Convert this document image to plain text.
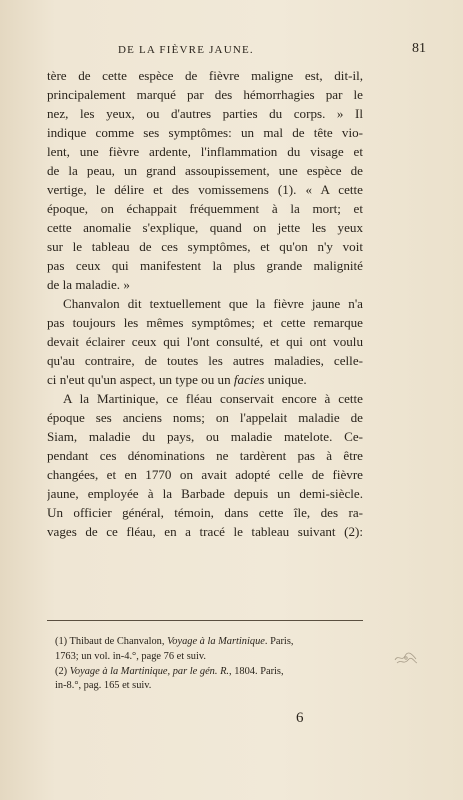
DE LA FIÈVRE JAUNE.	81
tère de cette espèce de fièvre maligne est, dit-il,
principalement marqué par des hémorrhagies par le
nez, les yeux, ou d'autres parties du corps. » Il
indique comme ses symptômes: un mal de tête vio-
lent, une fièvre ardente, l'inflammation du visage et
de la peau, un grand assoupissement, une espèce de
vertige, le délire et des vomissemens (1). « A cette
époque, on échappait fréquemment à la mort; et
cette anomalie s'explique, quand on jette les yeux
sur le tableau de ces symptômes, et qu'on n'y voit
pas ceux qui manifestent la plus grande malignité
de la maladie. »
Chanvalon dit textuellement que la fièvre jaune n'a
pas toujours les mêmes symptômes; et cette remarque
devait éclairer ceux qui l'ont consulté, et qui ont voulu
qu'au contraire, de toutes les autres maladies, celle-
ci n'eut qu'un aspect, un type ou un facies unique.
A la Martinique, ce fléau conservait encore à cette
époque ses anciens noms; on l'appelait maladie de
Siam, maladie du pays, ou maladie matelote. Ce-
pendant ces dénominations ne tardèrent pas à être
changées, et en 1770 on avait adopté celle de fièvre
jaune, employée à la Barbade depuis un demi-siècle.
Un officier général, témoin, dans cette île, des ra-
vages de ce fléau, en a tracé le tableau suivant (2):
(1) Thibaut de Chanvalon, Voyage à la Martinique. Paris,
1763; un vol. in-4.°, page 76 et suiv.
(2) Voyage à la Martinique, par le gén. R., 1804. Paris,
in-8.°, pag. 165 et suiv.
6
